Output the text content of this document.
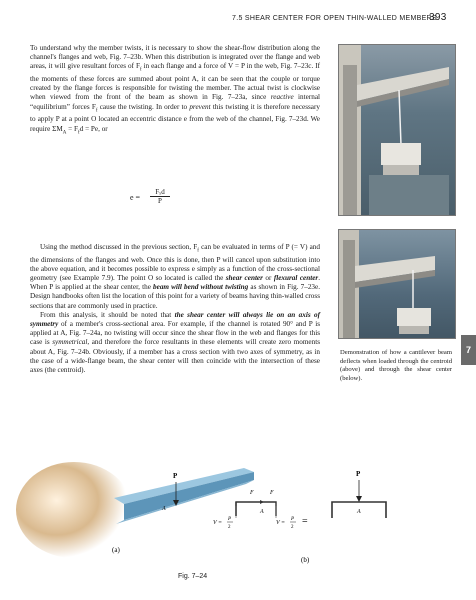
7.5 SHEAR CENTER FOR OPEN THIN-WALLED MEMBERS
393

To understand why the member twists, it is necessary to show the shear-flow distribution along the channel's flanges and web, Fig. 7–23b. When this distribution is integrated over the flange and web areas, it will give resultant forces of $F_f$ in each flange and a force of V = P in the web, Fig. 7–23c. If the moments of these forces are summed about point A, it can be seen that the couple or torque created by the flange forces is responsible for twisting the member. The actual twist is clockwise when viewed from the front of the beam as shown in Fig. 7–23a, since reactive internal “equilibrium” forces $F_f$ cause the twisting. In order to prevent this twisting it is therefore necessary to apply P at a point O located an eccentric distance e from the web of the channel, Fig. 7–23d. We require $\Sigma M_A = F_fd = Pe$, or

e =
Fₓd
P

Using the method discussed in the previous section, $F_f$ can be evaluated in terms of P (= V) and the dimensions of the flanges and web. Once this is done, then P will cancel upon substitution into the above equation, and it becomes possible to express e simply as a function of the cross-sectional geometry (see Example 7.9). The point O so located is called the shear center or flexural center. When P is applied at the shear center, the beam will bend without twisting as shown in Fig. 7–23e. Design handbooks often list the location of this point for a variety of beams having thin-walled cross sections that are commonly used in practice.

From this analysis, it should be noted that the shear center will always lie on an axis of symmetry of a member's cross-sectional area. For example, if the channel is rotated 90° and P is applied at A, Fig. 7–24a, no twisting will occur since the shear flow in the web and flanges for this case is symmetrical, and therefore the force resultants in these elements will create zero moments about A, Fig. 7–24b. Obviously, if a member has a cross section with two axes of symmetry, as in the case of a wide-flange beam, the shear center will then coincide with the intersection of these axes (the centroid).

7
Demonstration of how a cantilever beam deflects when loaded through the centroid (above) and through the shear center (below).
P
A
(a)
F	F
A
V =
P
2
V =
P
2
=
P
A
(b)
Fig. 7–24
